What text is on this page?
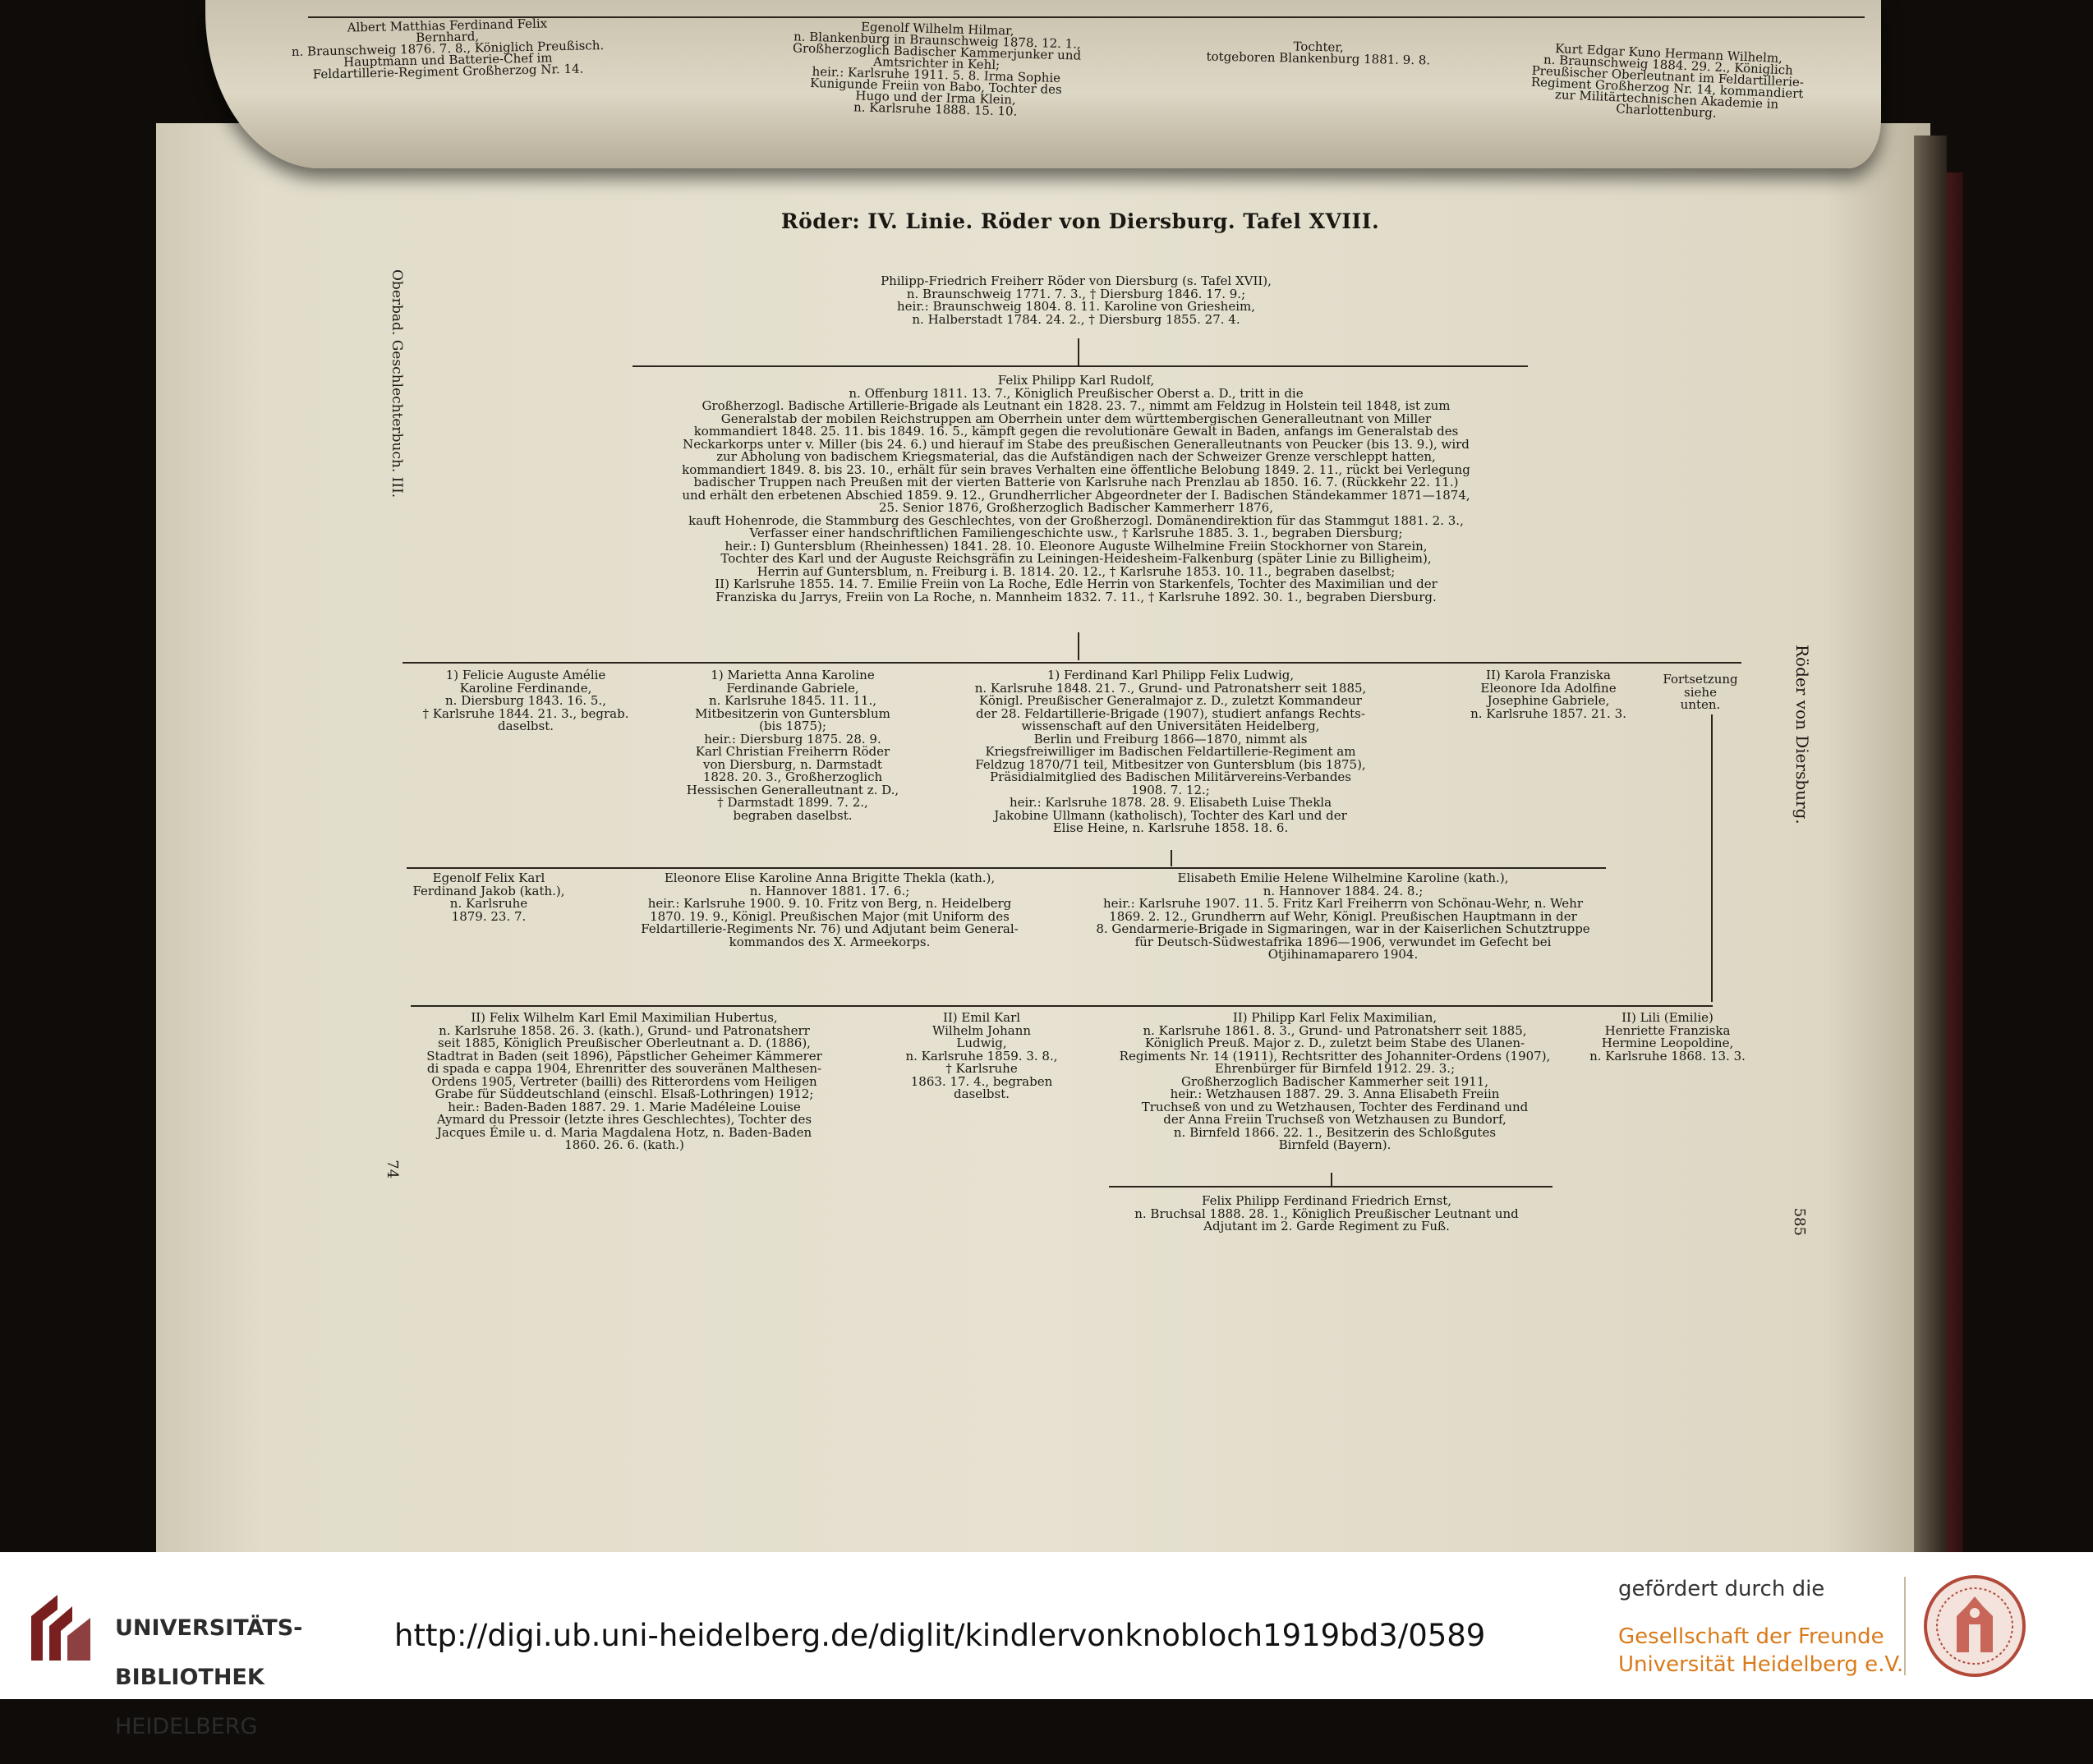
Albert Matthias Ferdinand Felix
Bernhard,
n. Braunschweig 1876. 7. 8., Königlich Preußisch.
Hauptmann und Batterie-Chef im
Feldartillerie-Regiment Großherzog Nr. 14.
Egenolf Wilhelm Hilmar,
n. Blankenburg in Braunschweig 1878. 12. 1.,
Großherzoglich Badischer Kammerjunker und
Amtsrichter in Kehl;
heir.: Karlsruhe 1911. 5. 8. Irma Sophie
Kunigunde Freiin von Babo, Tochter des
Hugo und der Irma Klein,
n. Karlsruhe 1888. 15. 10.
Tochter,
totgeboren Blankenburg 1881. 9. 8.	Kurt Edgar Kuno Hermann Wilhelm,
n. Braunschweig 1884. 29. 2., Königlich
Preußischer Oberleutnant im Feldartillerie-
Regiment Großherzog Nr. 14, kommandiert
zur Militärtechnischen Akademie in
Charlottenburg.
Röder: IV. Linie. Röder von Diersburg. Tafel XVIII.
Oberbad. Geschlechterbuch. III.
Röder von Diersburg.
74
585
Philipp-Friedrich Freiherr Röder von Diersburg (s. Tafel XVII),
n. Braunschweig 1771. 7. 3., † Diersburg 1846. 17. 9.;
heir.: Braunschweig 1804. 8. 11. Karoline von Griesheim,
n. Halberstadt 1784. 24. 2., † Diersburg 1855. 27. 4.
Felix Philipp Karl Rudolf,
n. Offenburg 1811. 13. 7., Königlich Preußischer Oberst a. D., tritt in die
Großherzogl. Badische Artillerie-Brigade als Leutnant ein 1828. 23. 7., nimmt am Feldzug in Holstein teil 1848, ist zum
Generalstab der mobilen Reichstruppen am Oberrhein unter dem württembergischen Generalleutnant von Miller
kommandiert 1848. 25. 11. bis 1849. 16. 5., kämpft gegen die revolutionäre Gewalt in Baden, anfangs im Generalstab des
Neckarkorps unter v. Miller (bis 24. 6.) und hierauf im Stabe des preußischen Generalleutnants von Peucker (bis 13. 9.), wird
zur Abholung von badischem Kriegsmaterial, das die Aufständigen nach der Schweizer Grenze verschleppt hatten,
kommandiert 1849. 8. bis 23. 10., erhält für sein braves Verhalten eine öffentliche Belobung 1849. 2. 11., rückt bei Verlegung
badischer Truppen nach Preußen mit der vierten Batterie von Karlsruhe nach Prenzlau ab 1850. 16. 7. (Rückkehr 22. 11.)
und erhält den erbetenen Abschied 1859. 9. 12., Grundherrlicher Abgeordneter der I. Badischen Ständekammer 1871—1874,
25. Senior 1876, Großherzoglich Badischer Kammerherr 1876,
kauft Hohenrode, die Stammburg des Geschlechtes, von der Großherzogl. Domänendirektion für das Stammgut 1881. 2. 3.,
Verfasser einer handschriftlichen Familiengeschichte usw., † Karlsruhe 1885. 3. 1., begraben Diersburg;
heir.: I) Guntersblum (Rheinhessen) 1841. 28. 10. Eleonore Auguste Wilhelmine Freiin Stockhorner von Starein,
Tochter des Karl und der Auguste Reichsgräfin zu Leiningen-Heidesheim-Falkenburg (später Linie zu Billigheim),
Herrin auf Guntersblum, n. Freiburg i. B. 1814. 20. 12., † Karlsruhe 1853. 10. 11., begraben daselbst;
II) Karlsruhe 1855. 14. 7. Emilie Freiin von La Roche, Edle Herrin von Starkenfels, Tochter des Maximilian und der
Franziska du Jarrys, Freiin von La Roche, n. Mannheim 1832. 7. 11., † Karlsruhe 1892. 30. 1., begraben Diersburg.
1) Felicie Auguste Amélie
Karoline Ferdinande,
n. Diersburg 1843. 16. 5.,
† Karlsruhe 1844. 21. 3., begrab.
daselbst.
1) Marietta Anna Karoline
Ferdinande Gabriele,
n. Karlsruhe 1845. 11. 11.,
Mitbesitzerin von Guntersblum
(bis 1875);
heir.: Diersburg 1875. 28. 9.
Karl Christian Freiherrn Röder
von Diersburg, n. Darmstadt
1828. 20. 3., Großherzoglich
Hessischen Generalleutnant z. D.,
† Darmstadt 1899. 7. 2.,
begraben daselbst.
1) Ferdinand Karl Philipp Felix Ludwig,
n. Karlsruhe 1848. 21. 7., Grund- und Patronatsherr seit 1885,
Königl. Preußischer Generalmajor z. D., zuletzt Kommandeur
der 28. Feldartillerie-Brigade (1907), studiert anfangs Rechts-
wissenschaft auf den Universitäten Heidelberg,
Berlin und Freiburg 1866—1870, nimmt als
Kriegsfreiwilliger im Badischen Feldartillerie-Regiment am
Feldzug 1870/71 teil, Mitbesitzer von Guntersblum (bis 1875),
Präsidialmitglied des Badischen Militärvereins-Verbandes
1908. 7. 12.;
heir.: Karlsruhe 1878. 28. 9. Elisabeth Luise Thekla
Jakobine Ullmann (katholisch), Tochter des Karl und der
Elise Heine, n. Karlsruhe 1858. 18. 6.
II) Karola Franziska
Eleonore Ida Adolfine
Josephine Gabriele,
n. Karlsruhe 1857. 21. 3.
Fortsetzung
siehe
unten.
Egenolf Felix Karl
Ferdinand Jakob (kath.),
n. Karlsruhe
1879. 23. 7.
Eleonore Elise Karoline Anna Brigitte Thekla (kath.),
n. Hannover 1881. 17. 6.;
heir.: Karlsruhe 1900. 9. 10. Fritz von Berg, n. Heidelberg
1870. 19. 9., Königl. Preußischen Major (mit Uniform des
Feldartillerie-Regiments Nr. 76) und Adjutant beim General-
kommandos des X. Armeekorps.
Elisabeth Emilie Helene Wilhelmine Karoline (kath.),
n. Hannover 1884. 24. 8.;
heir.: Karlsruhe 1907. 11. 5. Fritz Karl Freiherrn von Schönau-Wehr, n. Wehr
1869. 2. 12., Grundherrn auf Wehr, Königl. Preußischen Hauptmann in der
8. Gendarmerie-Brigade in Sigmaringen, war in der Kaiserlichen Schutztruppe
für Deutsch-Südwestafrika 1896—1906, verwundet im Gefecht bei
Otjihinamaparero 1904.
II) Felix Wilhelm Karl Emil Maximilian Hubertus,
n. Karlsruhe 1858. 26. 3. (kath.), Grund- und Patronatsherr
seit 1885, Königlich Preußischer Oberleutnant a. D. (1886),
Stadtrat in Baden (seit 1896), Päpstlicher Geheimer Kämmerer
di spada e cappa 1904, Ehrenritter des souveränen Malthesen-
Ordens 1905, Vertreter (bailli) des Ritterordens vom Heiligen
Grabe für Süddeutschland (einschl. Elsaß-Lothringen) 1912;
heir.: Baden-Baden 1887. 29. 1. Marie Madéleine Louise
Aymard du Pressoir (letzte ihres Geschlechtes), Tochter des
Jacques Émile u. d. Maria Magdalena Hotz, n. Baden-Baden
1860. 26. 6. (kath.)
II) Emil Karl
Wilhelm Johann
Ludwig,
n. Karlsruhe 1859. 3. 8.,
† Karlsruhe
1863. 17. 4., begraben
daselbst.
II) Philipp Karl Felix Maximilian,
n. Karlsruhe 1861. 8. 3., Grund- und Patronatsherr seit 1885,
Königlich Preuß. Major z. D., zuletzt beim Stabe des Ulanen-
Regiments Nr. 14 (1911), Rechtsritter des Johanniter-Ordens (1907),
Ehrenbürger für Birnfeld 1912. 29. 3.;
Großherzoglich Badischer Kammerher seit 1911,
heir.: Wetzhausen 1887. 29. 3. Anna Elisabeth Freiin
Truchseß von und zu Wetzhausen, Tochter des Ferdinand und
der Anna Freiin Truchseß von Wetzhausen zu Bundorf,
n. Birnfeld 1866. 22. 1., Besitzerin des Schloßgutes
Birnfeld (Bayern).
II) Lili (Emilie)
Henriette Franziska
Hermine Leopoldine,
n. Karlsruhe 1868. 13. 3.
Felix Philipp Ferdinand Friedrich Ernst,
n. Bruchsal 1888. 28. 1., Königlich Preußischer Leutnant und
Adjutant im 2. Garde Regiment zu Fuß.

UNIVERSITÄTS-

BIBLIOTHEK

HEIDELBERG

http://digi.ub.uni-heidelberg.de/diglit/kindlervonknobloch1919bd3/0589
gefördert durch die
Gesellschaft der Freunde
Universität Heidelberg e.V.
